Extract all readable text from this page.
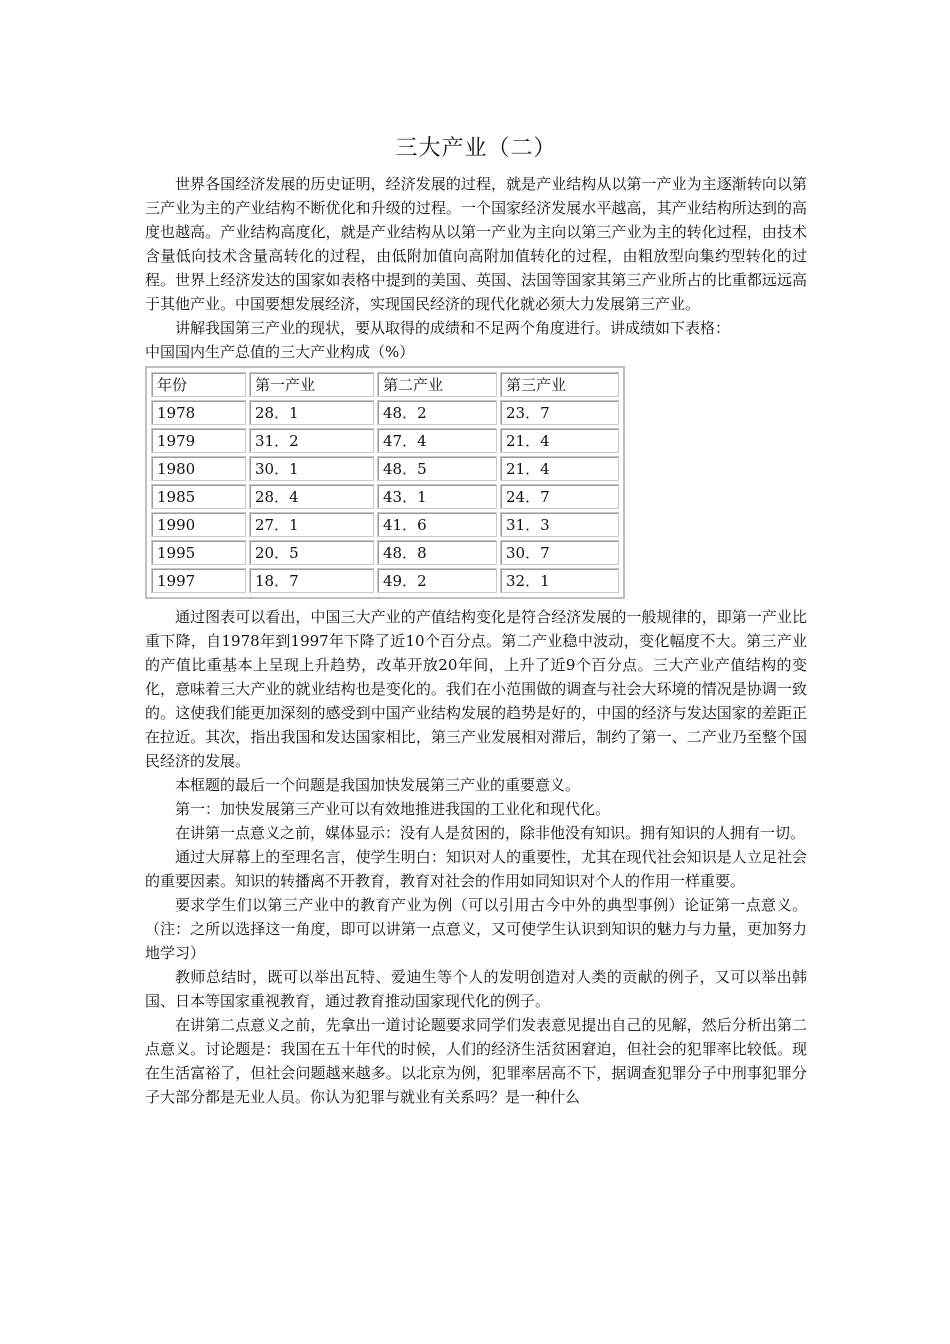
三大产业（二）

世界各国经济发展的历史证明，经济发展的过程，就是产业结构从以第一产业为主逐渐转向以第三产业为主的产业结构不断优化和升级的过程。一个国家经济发展水平越高，其产业结构所达到的高度也越高。产业结构高度化，就是产业结构从以第一产业为主向以第三产业为主的转化过程，由技术含量低向技术含量高转化的过程，由低附加值向高附加值转化的过程，由粗放型向集约型转化的过程。世界上经济发达的国家如表格中提到的美国、英国、法国等国家其第三产业所占的比重都远远高于其他产业。中国要想发展经济，实现国民经济的现代化就必须大力发展第三产业。

讲解我国第三产业的现状，要从取得的成绩和不足两个角度进行。讲成绩如下表格：

中国国内生产总值的三大产业构成（%）

年份	第一产业	第二产业	第三产业
1978	28．1	48．2	23．7
1979	31．2	47．4	21．4
1980	30．1	48．5	21．4
1985	28．4	43．1	24．7
1990	27．1	41．6	31．3
1995	20．5	48．8	30．7
1997	18．7	49．2	32．1

通过图表可以看出，中国三大产业的产值结构变化是符合经济发展的一般规律的，即第一产业比重下降，自1978年到1997年下降了近10个百分点。第二产业稳中波动，变化幅度不大。第三产业的产值比重基本上呈现上升趋势，改革开放20年间，上升了近9个百分点。三大产业产值结构的变化，意味着三大产业的就业结构也是变化的。我们在小范围做的调查与社会大环境的情况是协调一致的。这使我们能更加深刻的感受到中国产业结构发展的趋势是好的，中国的经济与发达国家的差距正在拉近。其次，指出我国和发达国家相比，第三产业发展相对滞后，制约了第一、二产业乃至整个国民经济的发展。

本框题的最后一个问题是我国加快发展第三产业的重要意义。

第一：加快发展第三产业可以有效地推进我国的工业化和现代化。

在讲第一点意义之前，媒体显示：没有人是贫困的，除非他没有知识。拥有知识的人拥有一切。

通过大屏幕上的至理名言，使学生明白：知识对人的重要性，尤其在现代社会知识是人立足社会的重要因素。知识的转播离不开教育，教育对社会的作用如同知识对个人的作用一样重要。

要求学生们以第三产业中的教育产业为例（可以引用古今中外的典型事例）论证第一点意义。（注：之所以选择这一角度，即可以讲第一点意义，又可使学生认识到知识的魅力与力量，更加努力地学习）

教师总结时，既可以举出瓦特、爱迪生等个人的发明创造对人类的贡献的例子，又可以举出韩国、日本等国家重视教育，通过教育推动国家现代化的例子。

在讲第二点意义之前，先拿出一道讨论题要求同学们发表意见提出自己的见解，然后分析出第二点意义。讨论题是：我国在五十年代的时候，人们的经济生活贫困窘迫，但社会的犯罪率比较低。现在生活富裕了，但社会问题越来越多。以北京为例，犯罪率居高不下，据调查犯罪分子中刑事犯罪分子大部分都是无业人员。你认为犯罪与就业有关系吗？是一种什么
